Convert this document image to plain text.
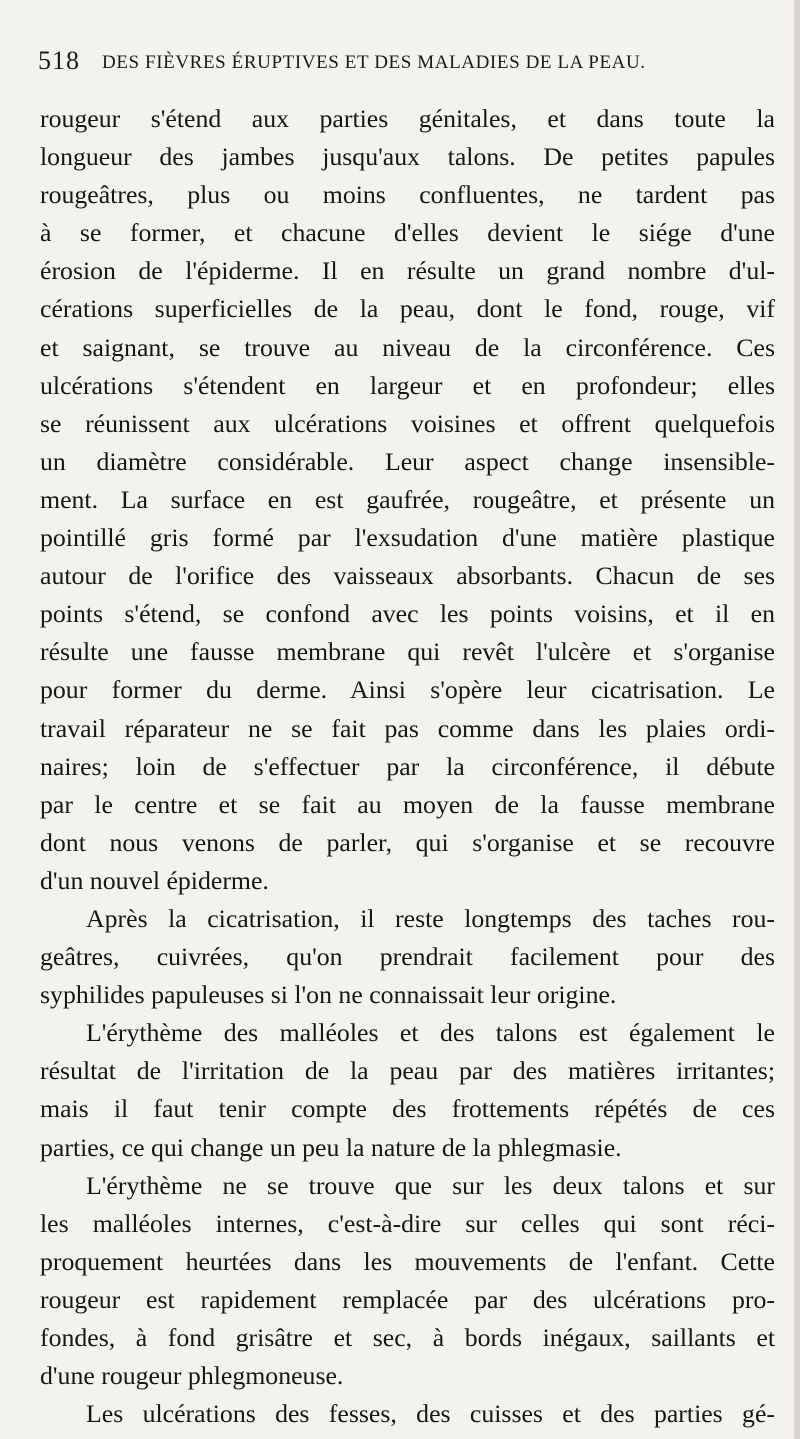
518 DES FIÈVRES ÉRUPTIVES ET DES MALADIES DE LA PEAU.
rougeur s'étend aux parties génitales, et dans toute la
longueur des jambes jusqu'aux talons. De petites papules
rougeâtres, plus ou moins confluentes, ne tardent pas
à se former, et chacune d'elles devient le siége d'une
érosion de l'épiderme. Il en résulte un grand nombre d'ul-
cérations superficielles de la peau, dont le fond, rouge, vif
et saignant, se trouve au niveau de la circonférence. Ces
ulcérations s'étendent en largeur et en profondeur; elles
se réunissent aux ulcérations voisines et offrent quelquefois
un diamètre considérable. Leur aspect change insensible-
ment. La surface en est gaufrée, rougeâtre, et présente un
pointillé gris formé par l'exsudation d'une matière plastique
autour de l'orifice des vaisseaux absorbants. Chacun de ses
points s'étend, se confond avec les points voisins, et il en
résulte une fausse membrane qui revêt l'ulcère et s'organise
pour former du derme. Ainsi s'opère leur cicatrisation. Le
travail réparateur ne se fait pas comme dans les plaies ordi-
naires; loin de s'effectuer par la circonférence, il débute
par le centre et se fait au moyen de la fausse membrane
dont nous venons de parler, qui s'organise et se recouvre
d'un nouvel épiderme.
Après la cicatrisation, il reste longtemps des taches rou-
geâtres, cuivrées, qu'on prendrait facilement pour des
syphilides papuleuses si l'on ne connaissait leur origine.
L'érythème des malléoles et des talons est également le
résultat de l'irritation de la peau par des matières irritantes;
mais il faut tenir compte des frottements répétés de ces
parties, ce qui change un peu la nature de la phlegmasie.
L'érythème ne se trouve que sur les deux talons et sur
les malléoles internes, c'est-à-dire sur celles qui sont réci-
proquement heurtées dans les mouvements de l'enfant. Cette
rougeur est rapidement remplacée par des ulcérations pro-
fondes, à fond grisâtre et sec, à bords inégaux, saillants et
d'une rougeur phlegmoneuse.
Les ulcérations des fesses, des cuisses et des parties gé-
